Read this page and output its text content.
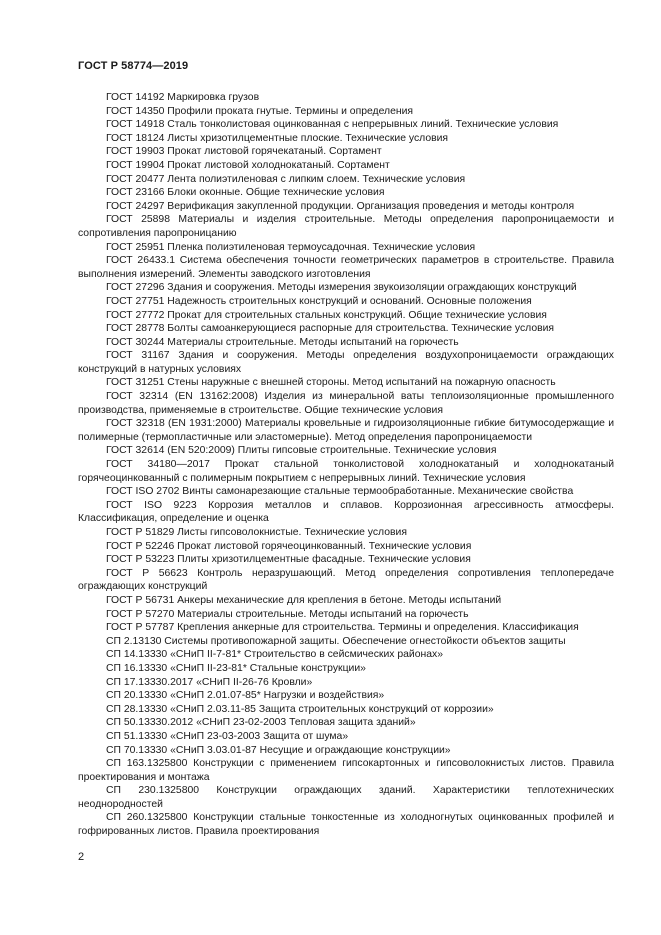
ГОСТ Р 58774—2019

ГОСТ 14192 Маркировка грузов

ГОСТ 14350 Профили проката гнутые. Термины и определения

ГОСТ 14918 Сталь тонколистовая оцинкованная с непрерывных линий. Технические условия

ГОСТ 18124 Листы хризотилцементные плоские. Технические условия

ГОСТ 19903 Прокат листовой горячекатаный. Сортамент

ГОСТ 19904 Прокат листовой холоднокатаный. Сортамент

ГОСТ 20477 Лента полиэтиленовая с липким слоем. Технические условия

ГОСТ 23166 Блоки оконные. Общие технические условия

ГОСТ 24297 Верификация закупленной продукции. Организация проведения и методы контроля

ГОСТ 25898 Материалы и изделия строительные. Методы определения паропроницаемости и сопротивления паропроницанию

ГОСТ 25951 Пленка полиэтиленовая термоусадочная. Технические условия

ГОСТ 26433.1 Система обеспечения точности геометрических параметров в строительстве. Правила выполнения измерений. Элементы заводского изготовления

ГОСТ 27296 Здания и сооружения. Методы измерения звукоизоляции ограждающих конструкций

ГОСТ 27751 Надежность строительных конструкций и оснований. Основные положения

ГОСТ 27772 Прокат для строительных стальных конструкций. Общие технические условия

ГОСТ 28778 Болты самоанкерующиеся распорные для строительства. Технические условия

ГОСТ 30244 Материалы строительные. Методы испытаний на горючесть

ГОСТ 31167 Здания и сооружения. Методы определения воздухопроницаемости ограждающих конструкций в натурных условиях

ГОСТ 31251 Стены наружные с внешней стороны. Метод испытаний на пожарную опасность

ГОСТ 32314 (EN 13162:2008) Изделия из минеральной ваты теплоизоляционные промышленного производства, применяемые в строительстве. Общие технические условия

ГОСТ 32318 (EN 1931:2000) Материалы кровельные и гидроизоляционные гибкие битумосодержащие и полимерные (термопластичные или эластомерные). Метод определения паропроницаемости

ГОСТ 32614 (EN 520:2009) Плиты гипсовые строительные. Технические условия

ГОСТ 34180—2017 Прокат стальной тонколистовой холоднокатаный и холоднокатаный горячеоцинкованный с полимерным покрытием с непрерывных линий. Технические условия

ГОСТ ISO 2702 Винты самонарезающие стальные термообработанные. Механические свойства

ГОСТ ISO 9223 Коррозия металлов и сплавов. Коррозионная агрессивность атмосферы. Классификация, определение и оценка

ГОСТ Р 51829 Листы гипсоволокнистые. Технические условия

ГОСТ Р 52246 Прокат листовой горячеоцинкованный. Технические условия

ГОСТ Р 53223 Плиты хризотилцементные фасадные. Технические условия

ГОСТ Р 56623 Контроль неразрушающий. Метод определения сопротивления теплопередаче ограждающих конструкций

ГОСТ Р 56731 Анкеры механические для крепления в бетоне. Методы испытаний

ГОСТ Р 57270 Материалы строительные. Методы испытаний на горючесть

ГОСТ Р 57787 Крепления анкерные для строительства. Термины и определения. Классификация

СП 2.13130 Системы противопожарной защиты. Обеспечение огнестойкости объектов защиты

СП 14.13330 «СНиП II-7-81* Строительство в сейсмических районах»

СП 16.13330 «СНиП II-23-81* Стальные конструкции»

СП 17.13330.2017 «СНиП II-26-76 Кровли»

СП 20.13330 «СНиП 2.01.07-85* Нагрузки и воздействия»

СП 28.13330 «СНиП 2.03.11-85 Защита строительных конструкций от коррозии»

СП 50.13330.2012 «СНиП 23-02-2003 Тепловая защита зданий»

СП 51.13330 «СНиП 23-03-2003 Защита от шума»

СП 70.13330 «СНиП 3.03.01-87 Несущие и ограждающие конструкции»

СП 163.1325800 Конструкции с применением гипсокартонных и гипсоволокнистых листов. Правила проектирования и монтажа

СП 230.1325800 Конструкции ограждающих зданий. Характеристики теплотехнических неоднородностей

СП 260.1325800 Конструкции стальные тонкостенные из холодногнутых оцинкованных профилей и гофрированных листов. Правила проектирования

2
